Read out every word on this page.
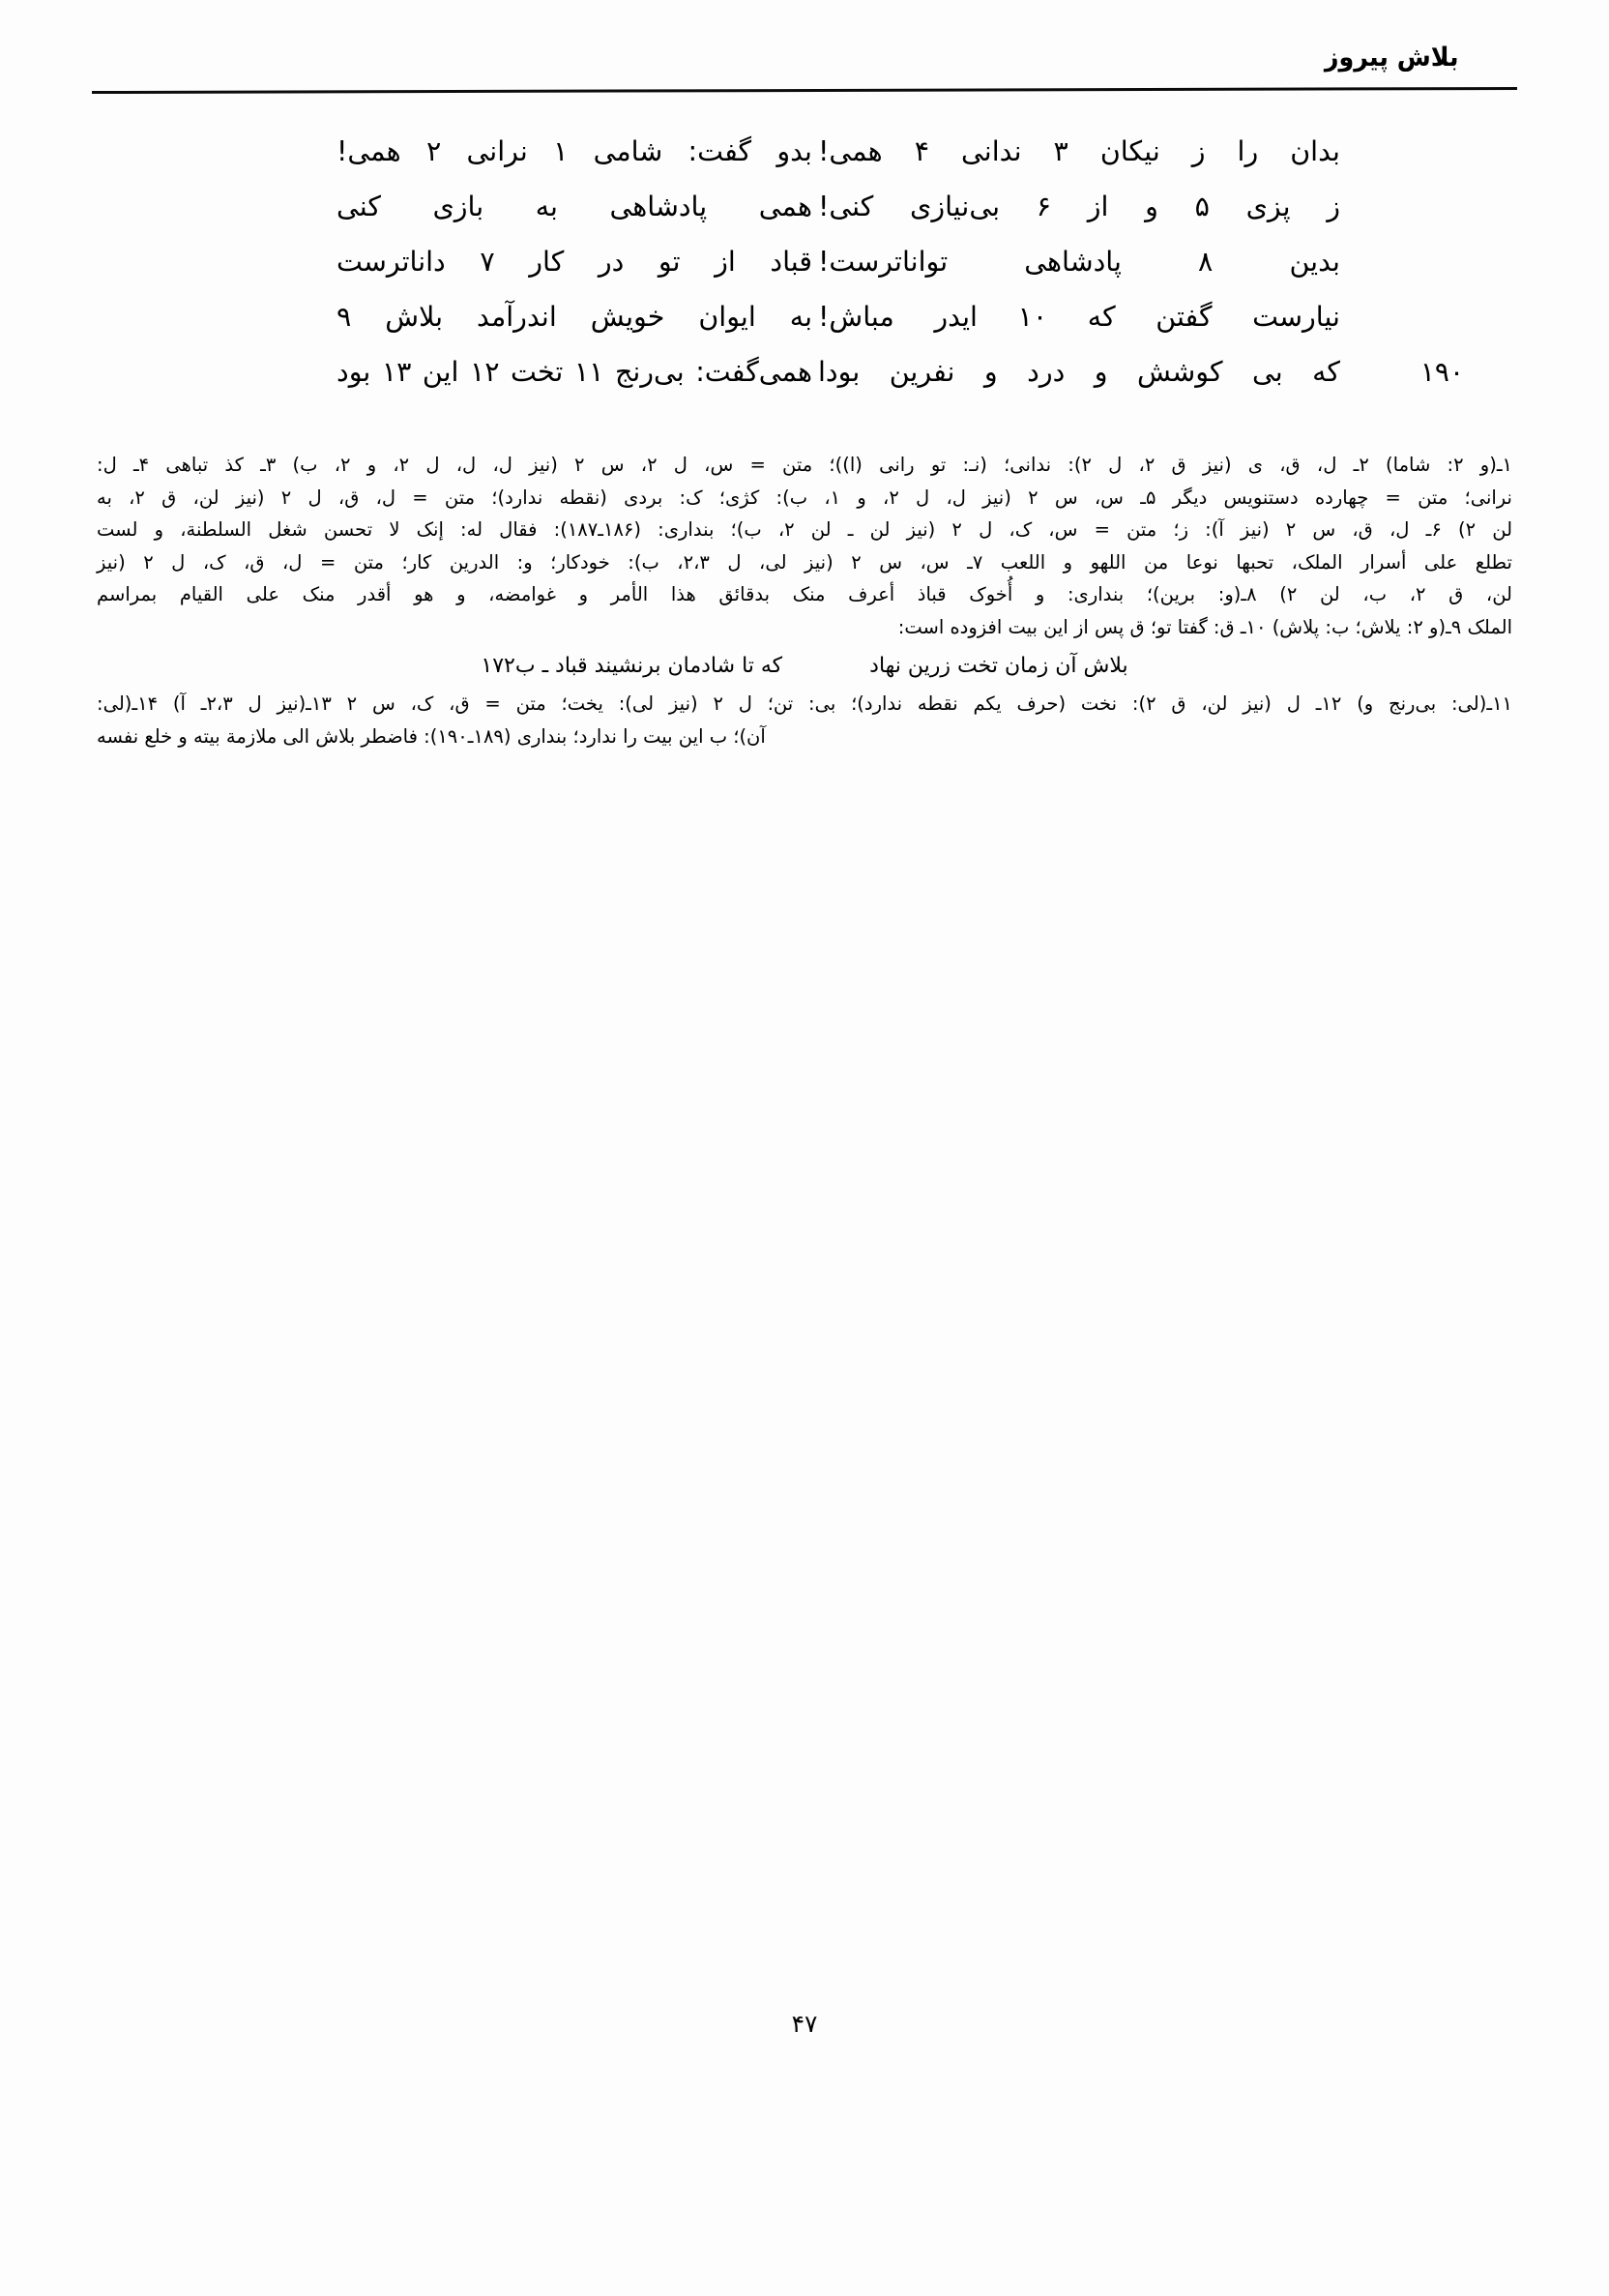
بلاش پیروز
بدان را ز نیکان ۳ ندانی ۴ همی!
بدو گفت: شامی ۱ نرانی ۲ همی!
ز پزی ۵ و از ۶ بی‌نیازی کنی!
همی پادشاهی به بازی کنی
بدین ۸ پادشاهی تواناترست!
قباد از تو در کار ۷ داناترست
نیارست گفتن که ۱۰ ایدر مباش!
به ایوان خویش اندرآمد بلاش ۹
۱۹۰
که بی کوشش و درد و نفرین بودا
همی‌گفت: بی‌رنج ۱۱ تخت ۱۲ این ۱۳ بود
۱ـ(و ۲: شاما) ۲ـ ل، ق، ی (نیز ق ۲، ل ۲): ندانی؛ (نـ: تو رانی (ا))؛ متن = س، ل ۲، س ۲ (نیز ل، ل، ل ۲، و ۲، ب) ۳ـ کذ تباهی ۴ـ ل:
نرانی؛ متن = چهارده دستنویس دیگر ۵ـ س، س ۲ (نیز ل، ل ۲، و ۱، ب): کژی؛ ک: بردی (نقطه ندارد)؛ متن = ل، ق، ل ۲ (نیز لن، ق ۲، به
لن ۲) ۶ـ ل، ق، س ۲ (نیز آ): ز؛ متن = س، ک، ل ۲ (نیز لن ـ لن ۲، ب)؛ بنداری: (۱۸۶ـ۱۸۷): فقال له: إنک لا تحسن شغل السلطنة، و لست
تطلع علی أسرار الملک، تحبها نوعا من اللهو و اللعب ۷ـ س، س ۲ (نیز لی، ل ۲،۳، ب): خودکار؛ و: الدرین کار؛ متن = ل، ق، ک، ل ۲ (نیز
لن، ق ۲، ب، لن ۲) ۸ـ(و: برین)؛ بنداری: و أُخوک قباذ أعرف منک بدقائق هذا الأمر و غوامضه، و هو أقدر منک علی القیام بمراسم
الملک ۹ـ(و ۲: یلاش؛ ب: پلاش) ۱۰ـ ق: گفتا تو؛ ق پس از این بیت افزوده است:
بلاش آن زمان تخت زرین نهاد
که تا شادمان برنشیند قباد ـ ب۱۷۲
۱۱ـ(لی: بی‌رنج و) ۱۲ـ ل (نیز لن، ق ۲): نخت (حرف یکم نقطه ندارد)؛ بی: تن؛ ل ۲ (نیز لی): یخت؛ متن = ق، ک، س ۲ ۱۳ـ(نیز ل ۲،۳ـ آ) ۱۴ـ(لی:
آن)؛ ب این بیت را ندارد؛ بنداری (۱۸۹ـ۱۹۰): فاضطر بلاش الی ملازمة بیته و خلع نفسه
۴۷
